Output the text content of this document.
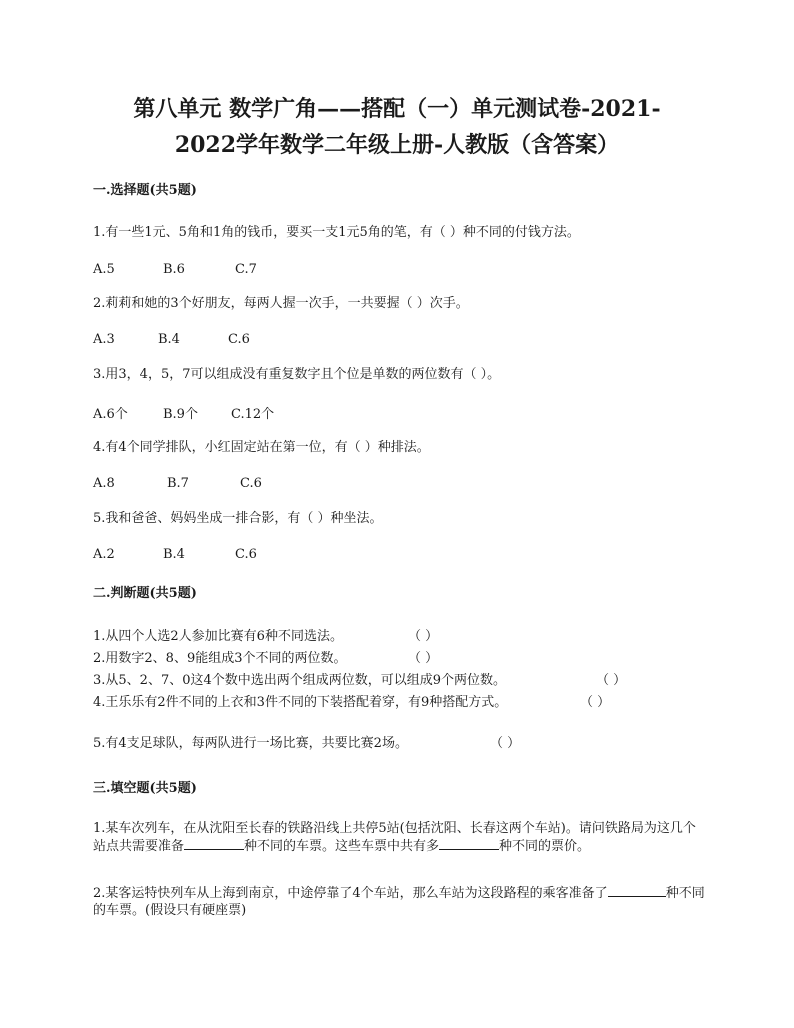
第八单元 数学广角——搭配（一）单元测试卷-2021-
2022学年数学二年级上册-人教版（含答案）
一.选择题(共5题)
1.有一些1元、5角和1角的钱币，要买一支1元5角的笔，有（ ）种不同的付钱方法。
A.5	B.6	C.7
2.莉莉和她的3个好朋友，每两人握一次手，一共要握（ ）次手。
A.3	B.4	C.6
3.用3，4，5，7可以组成没有重复数字且个位是单数的两位数有（ ）。
A.6个	B.9个	C.12个
4.有4个同学排队，小红固定站在第一位，有（ ）种排法。
A.8	B.7	C.6
5.我和爸爸、妈妈坐成一排合影，有（ ）种坐法。
A.2	B.4	C.6
二.判断题(共5题)
1.从四个人选2人参加比赛有6种不同选法。	（ ）
2.用数字2、8、9能组成3个不同的两位数。	（ ）
3.从5、2、7、0这4个数中选出两个组成两位数，可以组成9个两位数。	（ ）
4.王乐乐有2件不同的上衣和3件不同的下装搭配着穿，有9种搭配方式。	（ ）
5.有4支足球队，每两队进行一场比赛，共要比赛2场。	（ ）
三.填空题(共5题)
1.某车次列车，在从沈阳至长春的铁路沿线上共停5站(包括沈阳、长春这两个车站)。请问铁路局为这几个站点共需要准备	种不同的车票。这些车票中共有多	种不同的票价。
2.某客运特快列车从上海到南京，中途停靠了4个车站，那么车站为这段路程的乘客准备了	种不同的车票。(假设只有硬座票)
